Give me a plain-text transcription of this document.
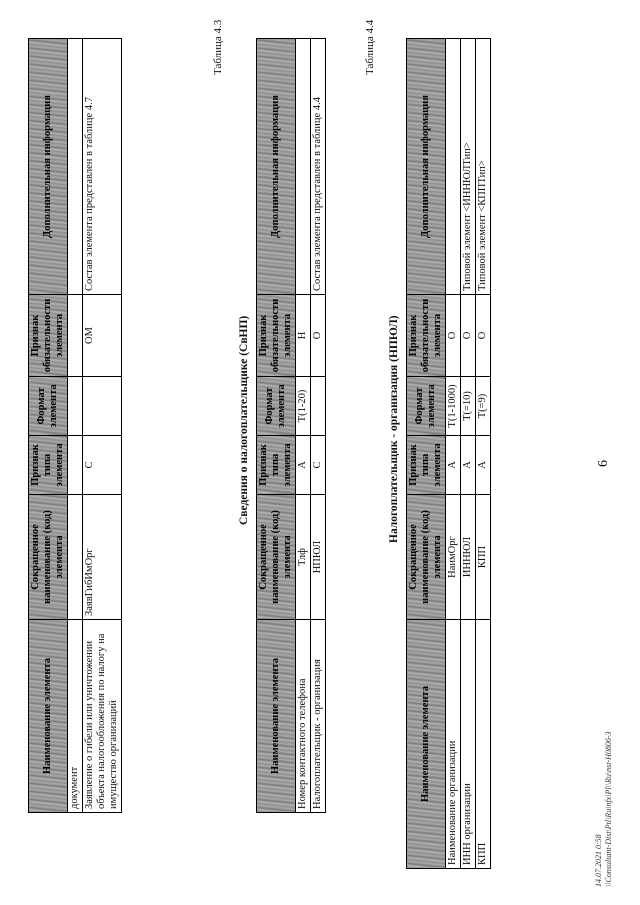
Наименование элемента	Сокращенное наименование (код) элемента	Признак типа элемента	Формат элемента	Признак обязательности элемента	Дополнительная информация
документ					
Заявление о гибели или уничтожении объекта налогообложения по налогу на имущество организаций	ЗаявГибИмОрг	С		ОМ	Состав элемента представлен в таблице 4.7
Таблица 4.3
Сведения о налогоплательщике (СвНП)
Наименование элемента	Сокращенное наименование (код) элемента	Признак типа элемента	Формат элемента	Признак обязательности элемента	Дополнительная информация
Номер контактного телефона	Тлф	А	Т(1-20)	Н	
Налогоплательщик - организация	НПЮЛ	С		О	Состав элемента представлен в таблице 4.4
Таблица 4.4
Налогоплательщик - организация (НПЮЛ)
Наименование элемента	Сокращенное наименование (код) элемента	Признак типа элемента	Формат элемента	Признак обязательности элемента	Дополнительная информация
Наименование организации	НаимОрг	А	Т(1-1000)	О	
ИНН организации	ИННЮЛ	А	Т(=10)	О	Типовой элемент <ИННЮЛТип>
КПП	КПП	А	Т(=9)	О	Типовой элемент <КППТип>
6
14.07.2021 0:58 \\Consultant-Dist\Ptl\Ru\nfx\Pl\\Ru\nst-H0806-3
